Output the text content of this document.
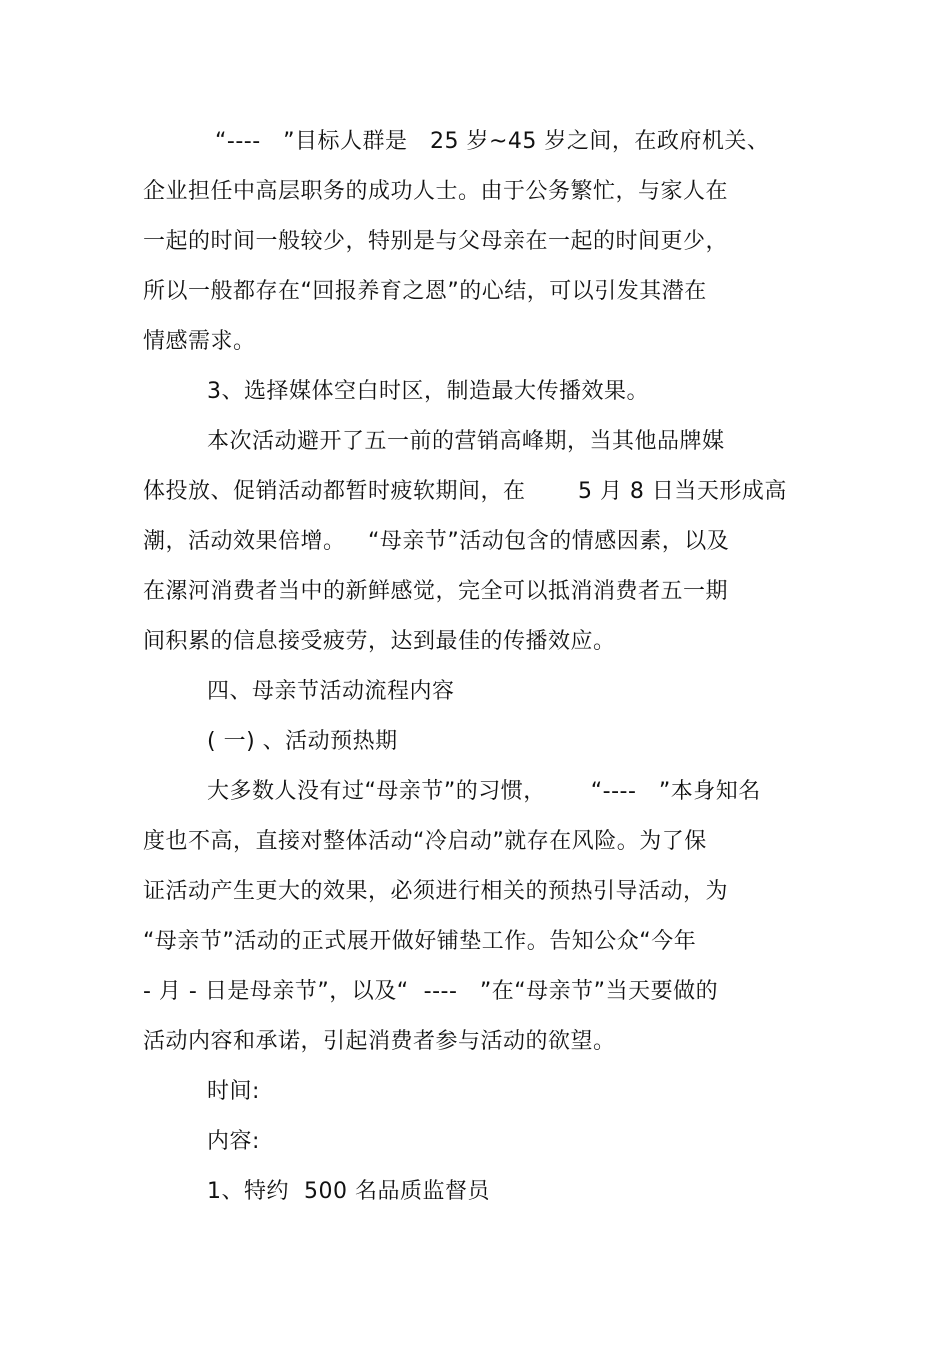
“----   ”目标人群是   25 岁~45 岁之间，在政府机关、
企业担任中高层职务的成功人士。由于公务繁忙，与家人在
一起的时间一般较少，特别是与父母亲在一起的时间更少，
所以一般都存在“回报养育之恩”的心结，可以引发其潜在
情感需求。
3、选择媒体空白时区，制造最大传播效果。
本次活动避开了五一前的营销高峰期，当其他品牌媒
体投放、促销活动都暂时疲软期间，在       5 月 8 日当天形成高
潮，活动效果倍增。   “母亲节”活动包含的情感因素，以及
在漯河消费者当中的新鲜感觉，完全可以抵消消费者五一期
间积累的信息接受疲劳，达到最佳的传播效应。
四、母亲节活动流程内容
( 一) 、活动预热期
大多数人没有过“母亲节”的习惯，      “----   ”本身知名
度也不高，直接对整体活动“冷启动”就存在风险。为了保
证活动产生更大的效果，必须进行相关的预热引导活动，为
“母亲节”活动的正式展开做好铺垫工作。告知公众“今年
- 月 - 日是母亲节”，以及“  ----   ”在“母亲节”当天要做的
活动内容和承诺，引起消费者参与活动的欲望。
时间:
内容:
1、特约  500 名品质监督员
